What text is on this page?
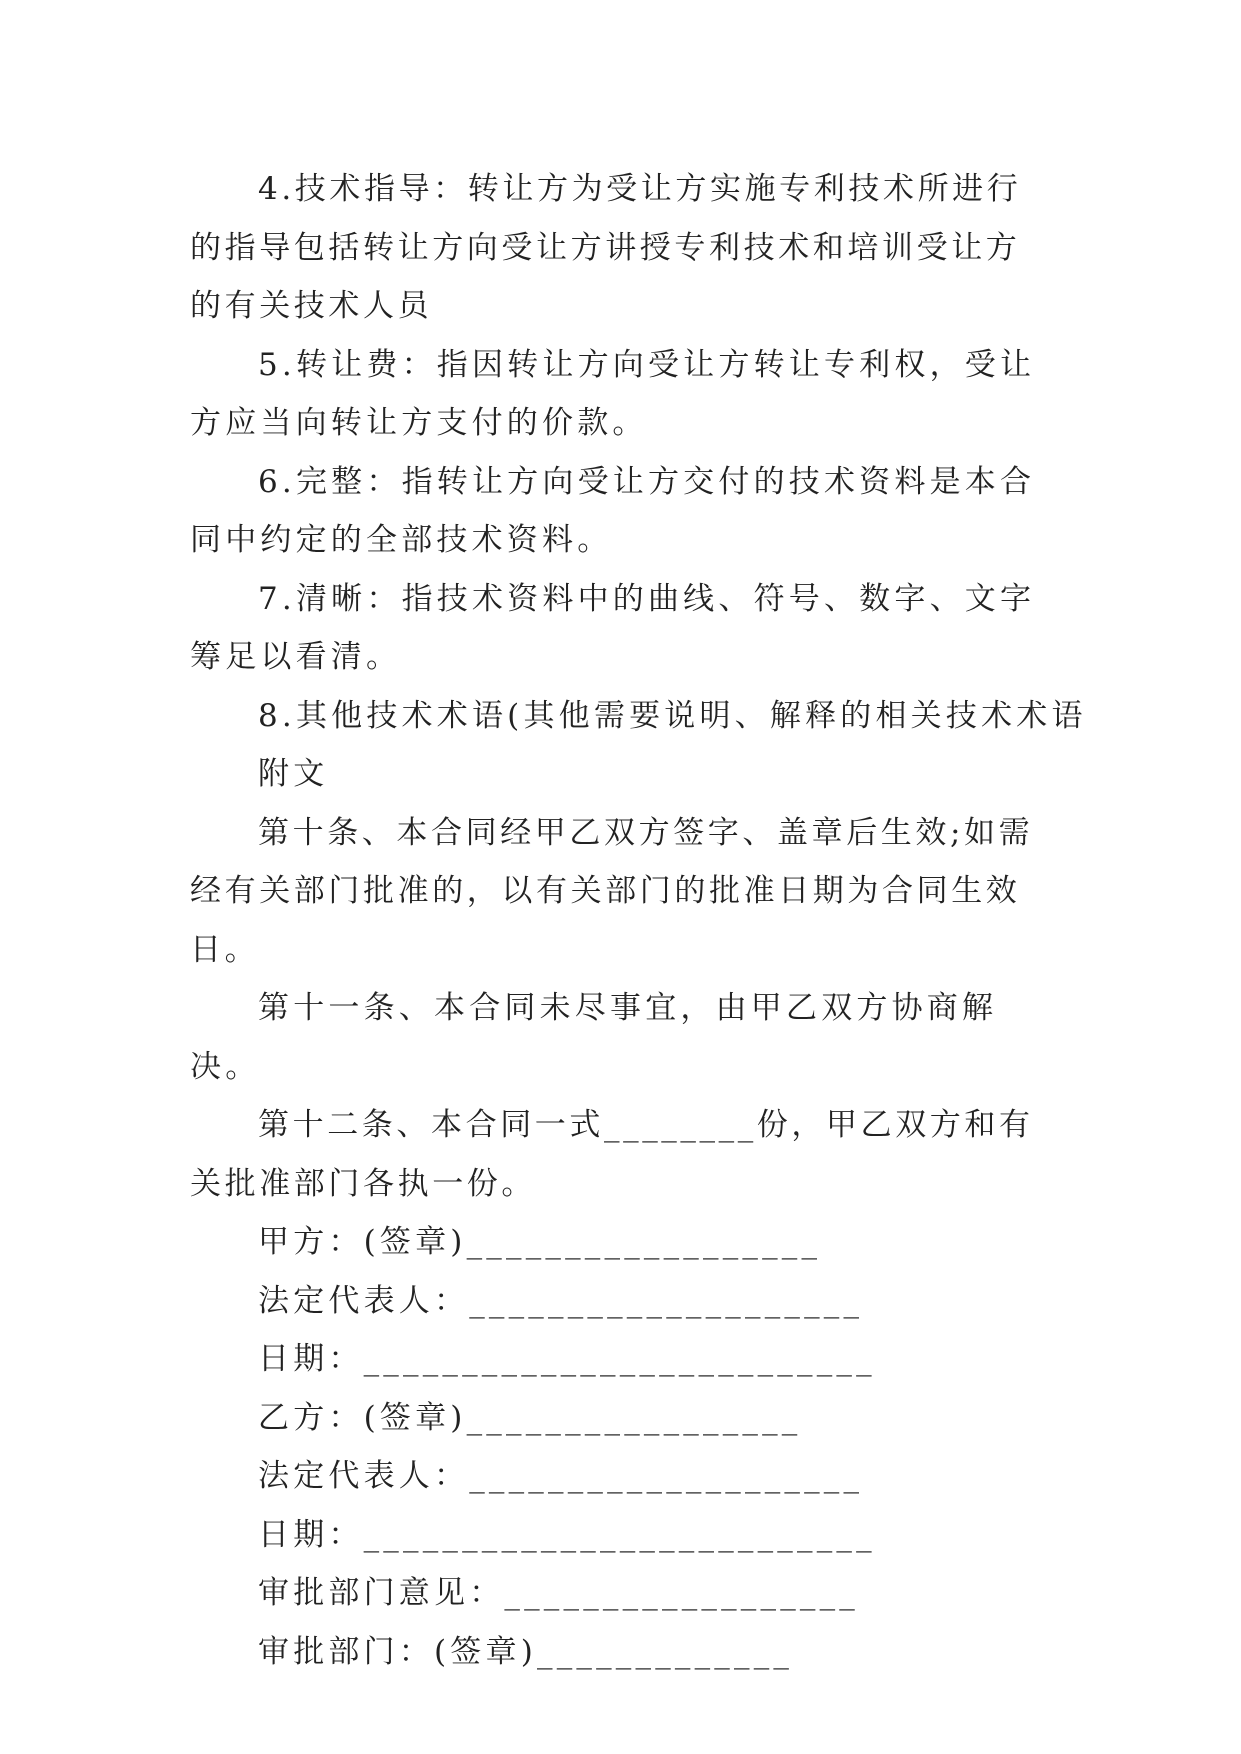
4.技术指导：转让方为受让方实施专利技术所进行的指导包括转让方向受让方讲授专利技术和培训受让方的有关技术人员

5.转让费：指因转让方向受让方转让专利权，受让方应当向转让方支付的价款。

6.完整：指转让方向受让方交付的技术资料是本合同中约定的全部技术资料。

7.清晰：指技术资料中的曲线、符号、数字、文字筹足以看清。

8.其他技术术语(其他需要说明、解释的相关技术术语

附文

第十条、本合同经甲乙双方签字、盖章后生效;如需经有关部门批准的，以有关部门的批准日期为合同生效日。

第十一条、本合同未尽事宜，由甲乙双方协商解决。

第十二条、本合同一式________份，甲乙双方和有关批准部门各执一份。

甲方：(签章)__________________

法定代表人：____________________

日期：__________________________

乙方：(签章)_________________

法定代表人：____________________

日期：__________________________

审批部门意见：__________________

审批部门：(签章)_____________
